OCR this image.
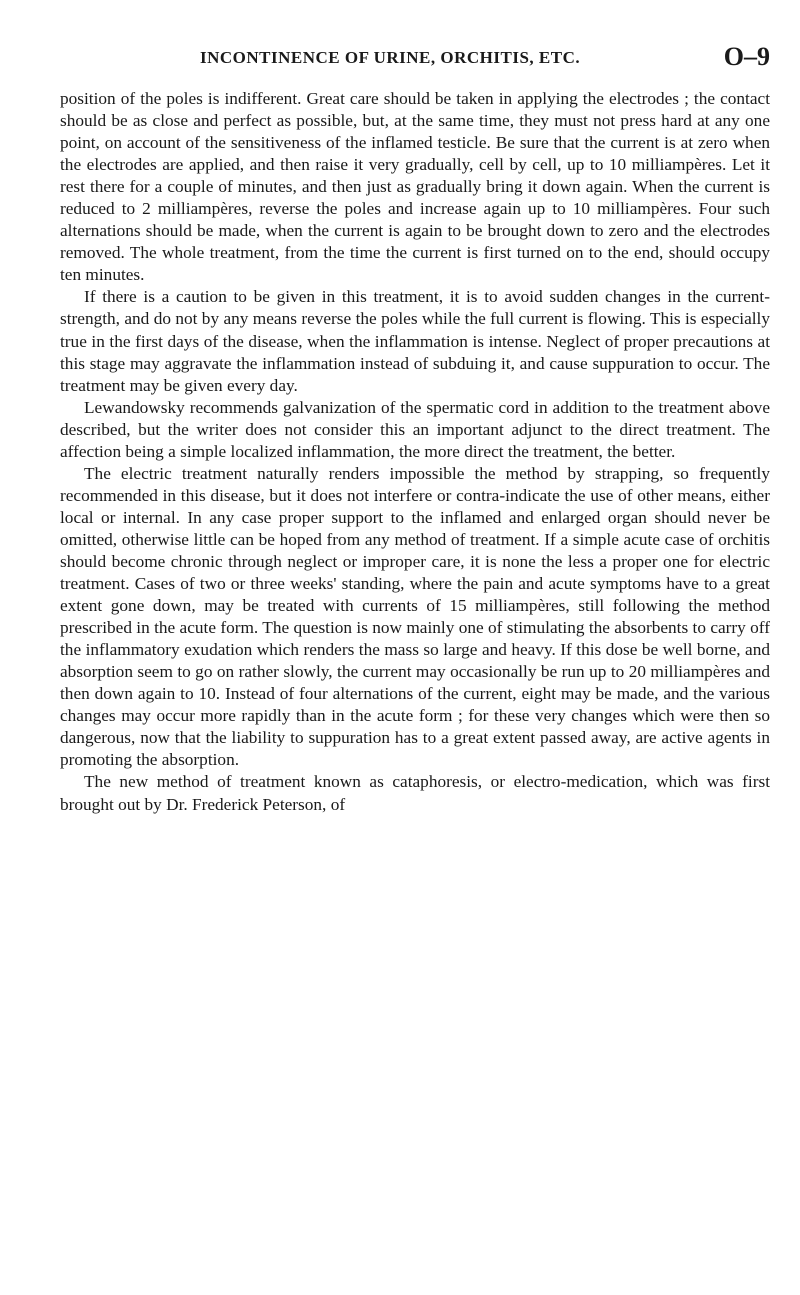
INCONTINENCE OF URINE, ORCHITIS, ETC.	O–9

position of the poles is indifferent. Great care should be taken in applying the electrodes ; the contact should be as close and perfect as possible, but, at the same time, they must not press hard at any one point, on account of the sensitiveness of the inflamed testicle. Be sure that the current is at zero when the electrodes are applied, and then raise it very gradually, cell by cell, up to 10 milliampères. Let it rest there for a couple of minutes, and then just as gradually bring it down again. When the current is reduced to 2 milliampères, reverse the poles and increase again up to 10 milliampères. Four such alternations should be made, when the current is again to be brought down to zero and the electrodes removed. The whole treatment, from the time the current is first turned on to the end, should occupy ten minutes.

If there is a caution to be given in this treatment, it is to avoid sudden changes in the current-strength, and do not by any means reverse the poles while the full current is flowing. This is especially true in the first days of the disease, when the inflammation is intense. Neglect of proper precautions at this stage may aggravate the inflammation instead of subduing it, and cause suppuration to occur. The treatment may be given every day.

Lewandowsky recommends galvanization of the spermatic cord in addition to the treatment above described, but the writer does not consider this an important adjunct to the direct treatment. The affection being a simple localized inflammation, the more direct the treatment, the better.

The electric treatment naturally renders impossible the method by strapping, so frequently recommended in this disease, but it does not interfere or contra-indicate the use of other means, either local or internal. In any case proper support to the inflamed and enlarged organ should never be omitted, otherwise little can be hoped from any method of treatment. If a simple acute case of orchitis should become chronic through neglect or improper care, it is none the less a proper one for electric treatment. Cases of two or three weeks' standing, where the pain and acute symptoms have to a great extent gone down, may be treated with currents of 15 milliampères, still following the method prescribed in the acute form. The question is now mainly one of stimulating the absorbents to carry off the inflammatory exudation which renders the mass so large and heavy. If this dose be well borne, and absorption seem to go on rather slowly, the current may occasionally be run up to 20 milliampères and then down again to 10. Instead of four alternations of the current, eight may be made, and the various changes may occur more rapidly than in the acute form ; for these very changes which were then so dangerous, now that the liability to suppuration has to a great extent passed away, are active agents in promoting the absorption.

The new method of treatment known as cataphoresis, or electro-medication, which was first brought out by Dr. Frederick Peterson, of
